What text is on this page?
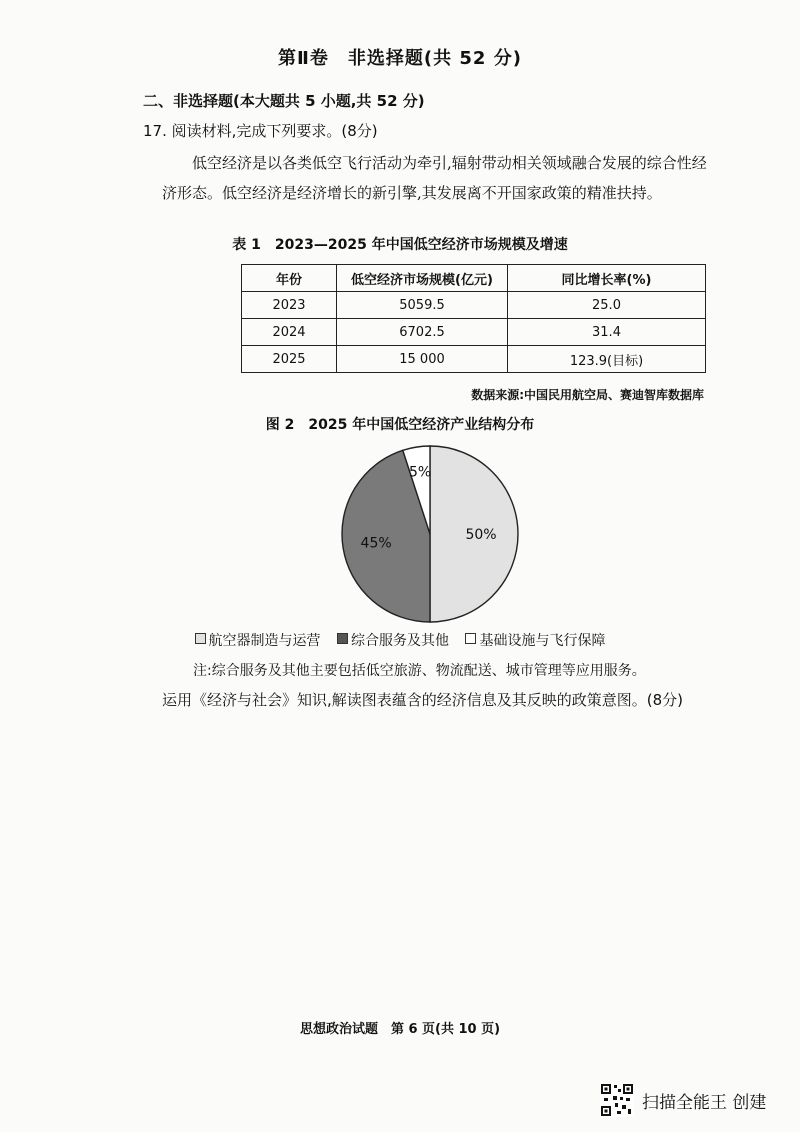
第Ⅱ卷　非选择题(共 52 分)
二、非选择题(本大题共 5 小题,共 52 分)
17. 阅读材料,完成下列要求。(8分)

低空经济是以各类低空飞行活动为牵引,辐射带动相关领域融合发展的综合性经济形态。低空经济是经济增长的新引擎,其发展离不开国家政策的精准扶持。

表 1　2023—2025 年中国低空经济市场规模及增速
年份	低空经济市场规模(亿元)	同比增长率(%)
2023	5059.5	25.0
2024	6702.5	31.4
2025	15 000	123.9(目标)
数据来源:中国民用航空局、赛迪智库数据库
图 2　2025 年中国低空经济产业结构分布
50%
45%
5%
航空器制造与运营 综合服务及其他 基础设施与飞行保障
注:综合服务及其他主要包括低空旅游、物流配送、城市管理等应用服务。

运用《经济与社会》知识,解读图表蕴含的经济信息及其反映的政策意图。(8分)

思想政治试题　第 6 页(共 10 页)
扫描全能王 创建
